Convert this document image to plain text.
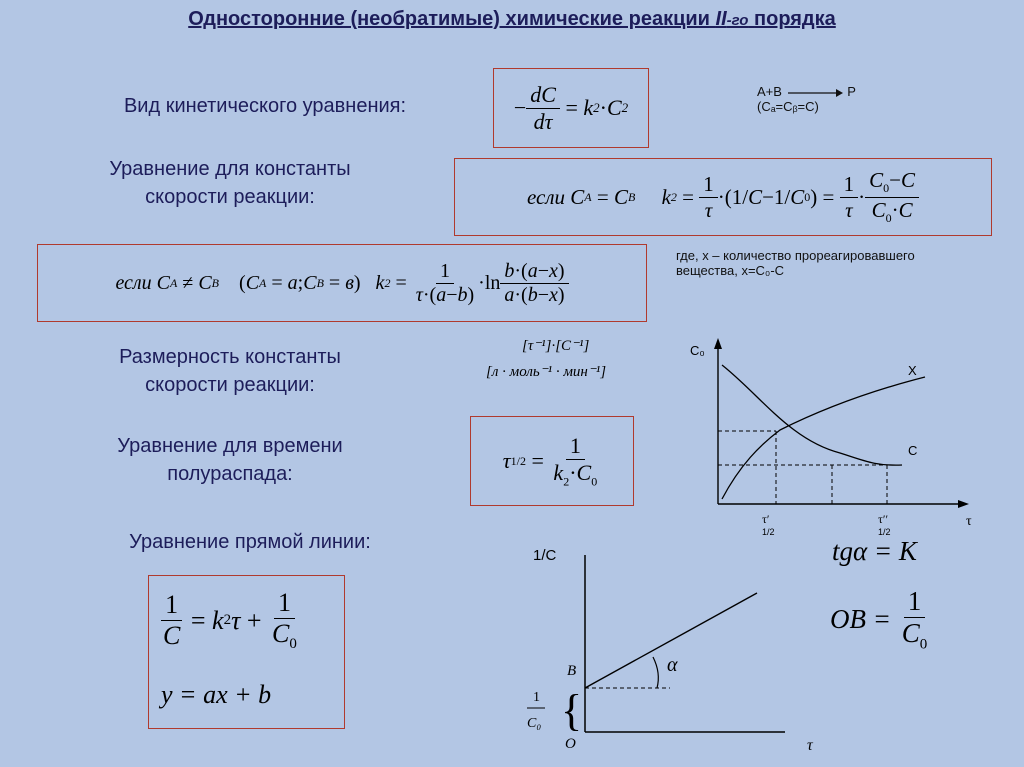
Односторонние (необратимые) химические реакции II-го порядка
Вид кинетического уравнения:	− $\frac{dC}{d\tau} = k$ 2 · C 2
A+B	P
(Cₐ=Cᵦ=C)
Уравнение для константы
скорости реакции:	если C A = C B k $2 = \frac{1}{\tau} \cdot(1/$ C −1/ C 0 ) = $\frac{1}{\tau} \cdot \frac{C_0-C}{C_0\cdot C}$
если C A ≠ C B
( C A = a ; C B = в ) k $2 = \frac{1}{\tau\cdot(a-b)} \cdot\ln \frac{b\cdot(a-x)}{a\cdot(b-x)}$
где, x – количество прореагировавшего
вещества, x=C₀-C
Размерность константы
скорости реакции:
[τ⁻¹]·[C⁻¹]
[л · моль⁻¹ · мин⁻¹]
Уравнение для времени
полураспада:
τ $1/2 = \frac{1}{k_2\cdot C_0}$
Уравнение прямой линии:
$\frac{1}{C} = k$ 2 $\tau + \frac{1}{C_0}$
y = ax + b
C₀
X
C
τ
τ′
1/2
τ′′
1/2
1/C
τ
O
B	α
1
C₀ {
tgα = K
OB =
$\frac{1}{C_0}$
